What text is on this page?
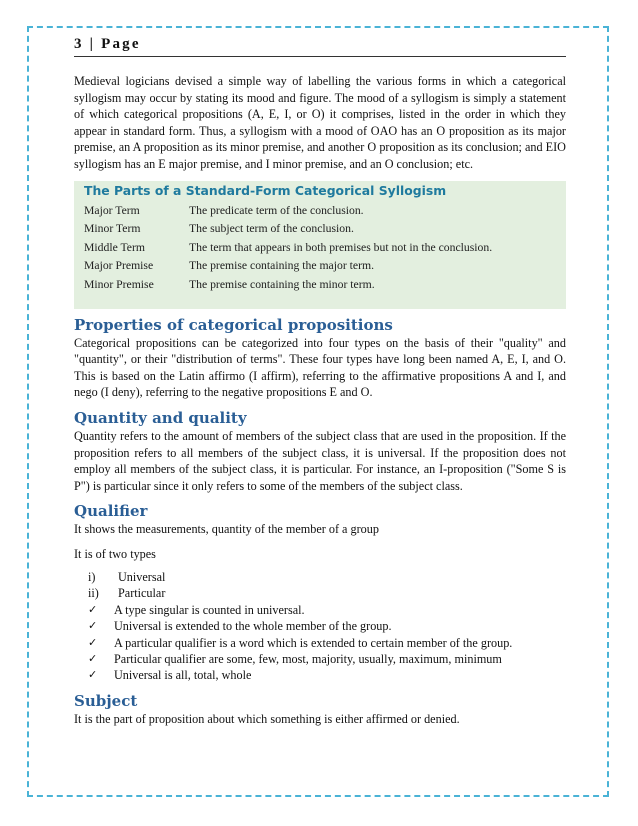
3 | Page

Medieval logicians devised a simple way of labelling the various forms in which a categorical syllogism may occur by stating its mood and figure. The mood of a syllogism is simply a statement of which categorical propositions (A, E, I, or O) it comprises, listed in the order in which they appear in standard form. Thus, a syllogism with a mood of OAO has an O proposition as its major premise, an A proposition as its minor premise, and another O proposition as its conclusion; and EIO syllogism has an E major premise, and I minor premise, and an O conclusion; etc.

The Parts of a Standard-Form Categorical Syllogism
Major Term	The predicate term of the conclusion.
Minor Term	The subject term of the conclusion.
Middle Term	The term that appears in both premises but not in the conclusion.
Major Premise	The premise containing the major term.
Minor Premise	The premise containing the minor term.
Properties of categorical propositions

Categorical propositions can be categorized into four types on the basis of their "quality" and "quantity", or their "distribution of terms". These four types have long been named A, E, I, and O. This is based on the Latin affirmo (I affirm), referring to the affirmative propositions A and I, and nego (I deny), referring to the negative propositions E and O.

Quantity and quality

Quantity refers to the amount of members of the subject class that are used in the proposition. If the proposition refers to all members of the subject class, it is universal. If the proposition does not employ all members of the subject class, it is particular. For instance, an I-proposition ("Some S is P") is particular since it only refers to some of the members of the subject class.

Qualifier

It shows the measurements, quantity of the member of a group

It is of two types

i)	Universal
ii)	Particular
✓	A type singular is counted in universal.
✓	Universal is extended to the whole member of the group.
✓	A particular qualifier is a word which is extended to certain member of the group.
✓	Particular qualifier are some, few, most, majority, usually, maximum, minimum
✓	Universal is all, total, whole
Subject

It is the part of proposition about which something is either affirmed or denied.
